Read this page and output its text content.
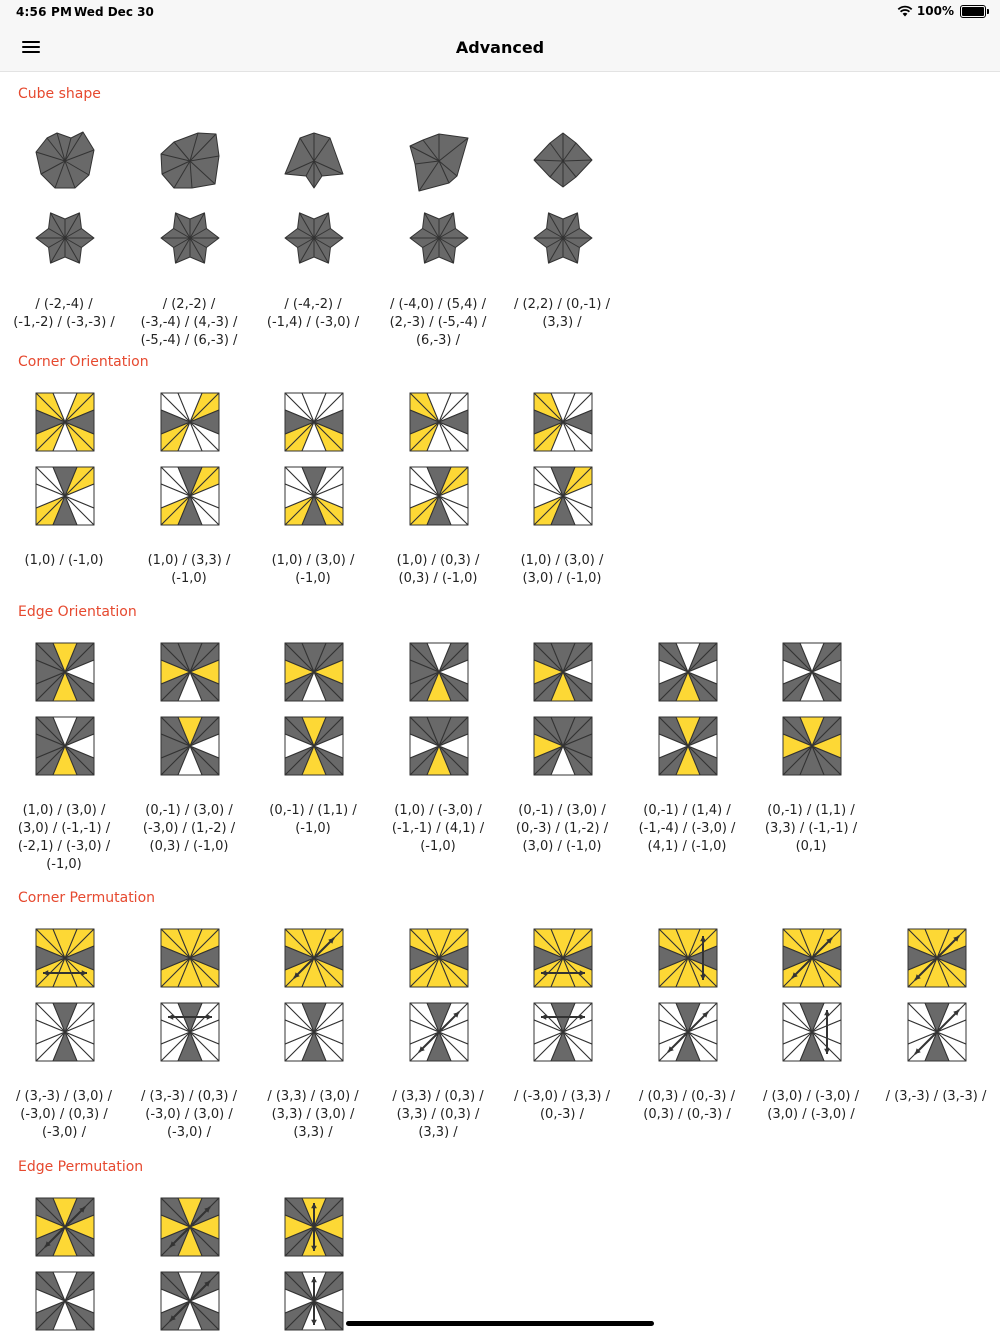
4:56 PM Wed Dec 30	100%
Advanced
Cube shape
/ (-2,-4) /
(-1,-2) / (-3,-3) /
/ (2,-2) /
(-3,-4) / (4,-3) /
(-5,-4) / (6,-3) /
/ (-4,-2) /
(-1,4) / (-3,0) /
/ (-4,0) / (5,4) /
(2,-3) / (-5,-4) /
(6,-3) /
/ (2,2) / (0,-1) /
(3,3) /
Corner Orientation
(1,0) / (-1,0)	(1,0) / (3,3) /
(-1,0)
(1,0) / (3,0) /
(-1,0)
(1,0) / (0,3) /
(0,3) / (-1,0)
(1,0) / (3,0) /
(3,0) / (-1,0)
Edge Orientation
(1,0) / (3,0) /
(3,0) / (-1,-1) /
(-2,1) / (-3,0) /
(-1,0)
(0,-1) / (3,0) /
(-3,0) / (1,-2) /
(0,3) / (-1,0)
(0,-1) / (1,1) /
(-1,0)
(1,0) / (-3,0) /
(-1,-1) / (4,1) /
(-1,0)
(0,-1) / (3,0) /
(0,-3) / (1,-2) /
(3,0) / (-1,0)
(0,-1) / (1,4) /
(-1,-4) / (-3,0) /
(4,1) / (-1,0)
(0,-1) / (1,1) /
(3,3) / (-1,-1) /
(0,1)
Corner Permutation
/ (3,-3) / (3,0) /
(-3,0) / (0,3) /
(-3,0) /
/ (3,-3) / (0,3) /
(-3,0) / (3,0) /
(-3,0) /
/ (3,3) / (3,0) /
(3,3) / (3,0) /
(3,3) /
/ (3,3) / (0,3) /
(3,3) / (0,3) /
(3,3) /
/ (-3,0) / (3,3) /
(0,-3) /
/ (0,3) / (0,-3) /
(0,3) / (0,-3) /
/ (3,0) / (-3,0) /
(3,0) / (-3,0) /
/ (3,-3) / (3,-3) /
Edge Permutation
